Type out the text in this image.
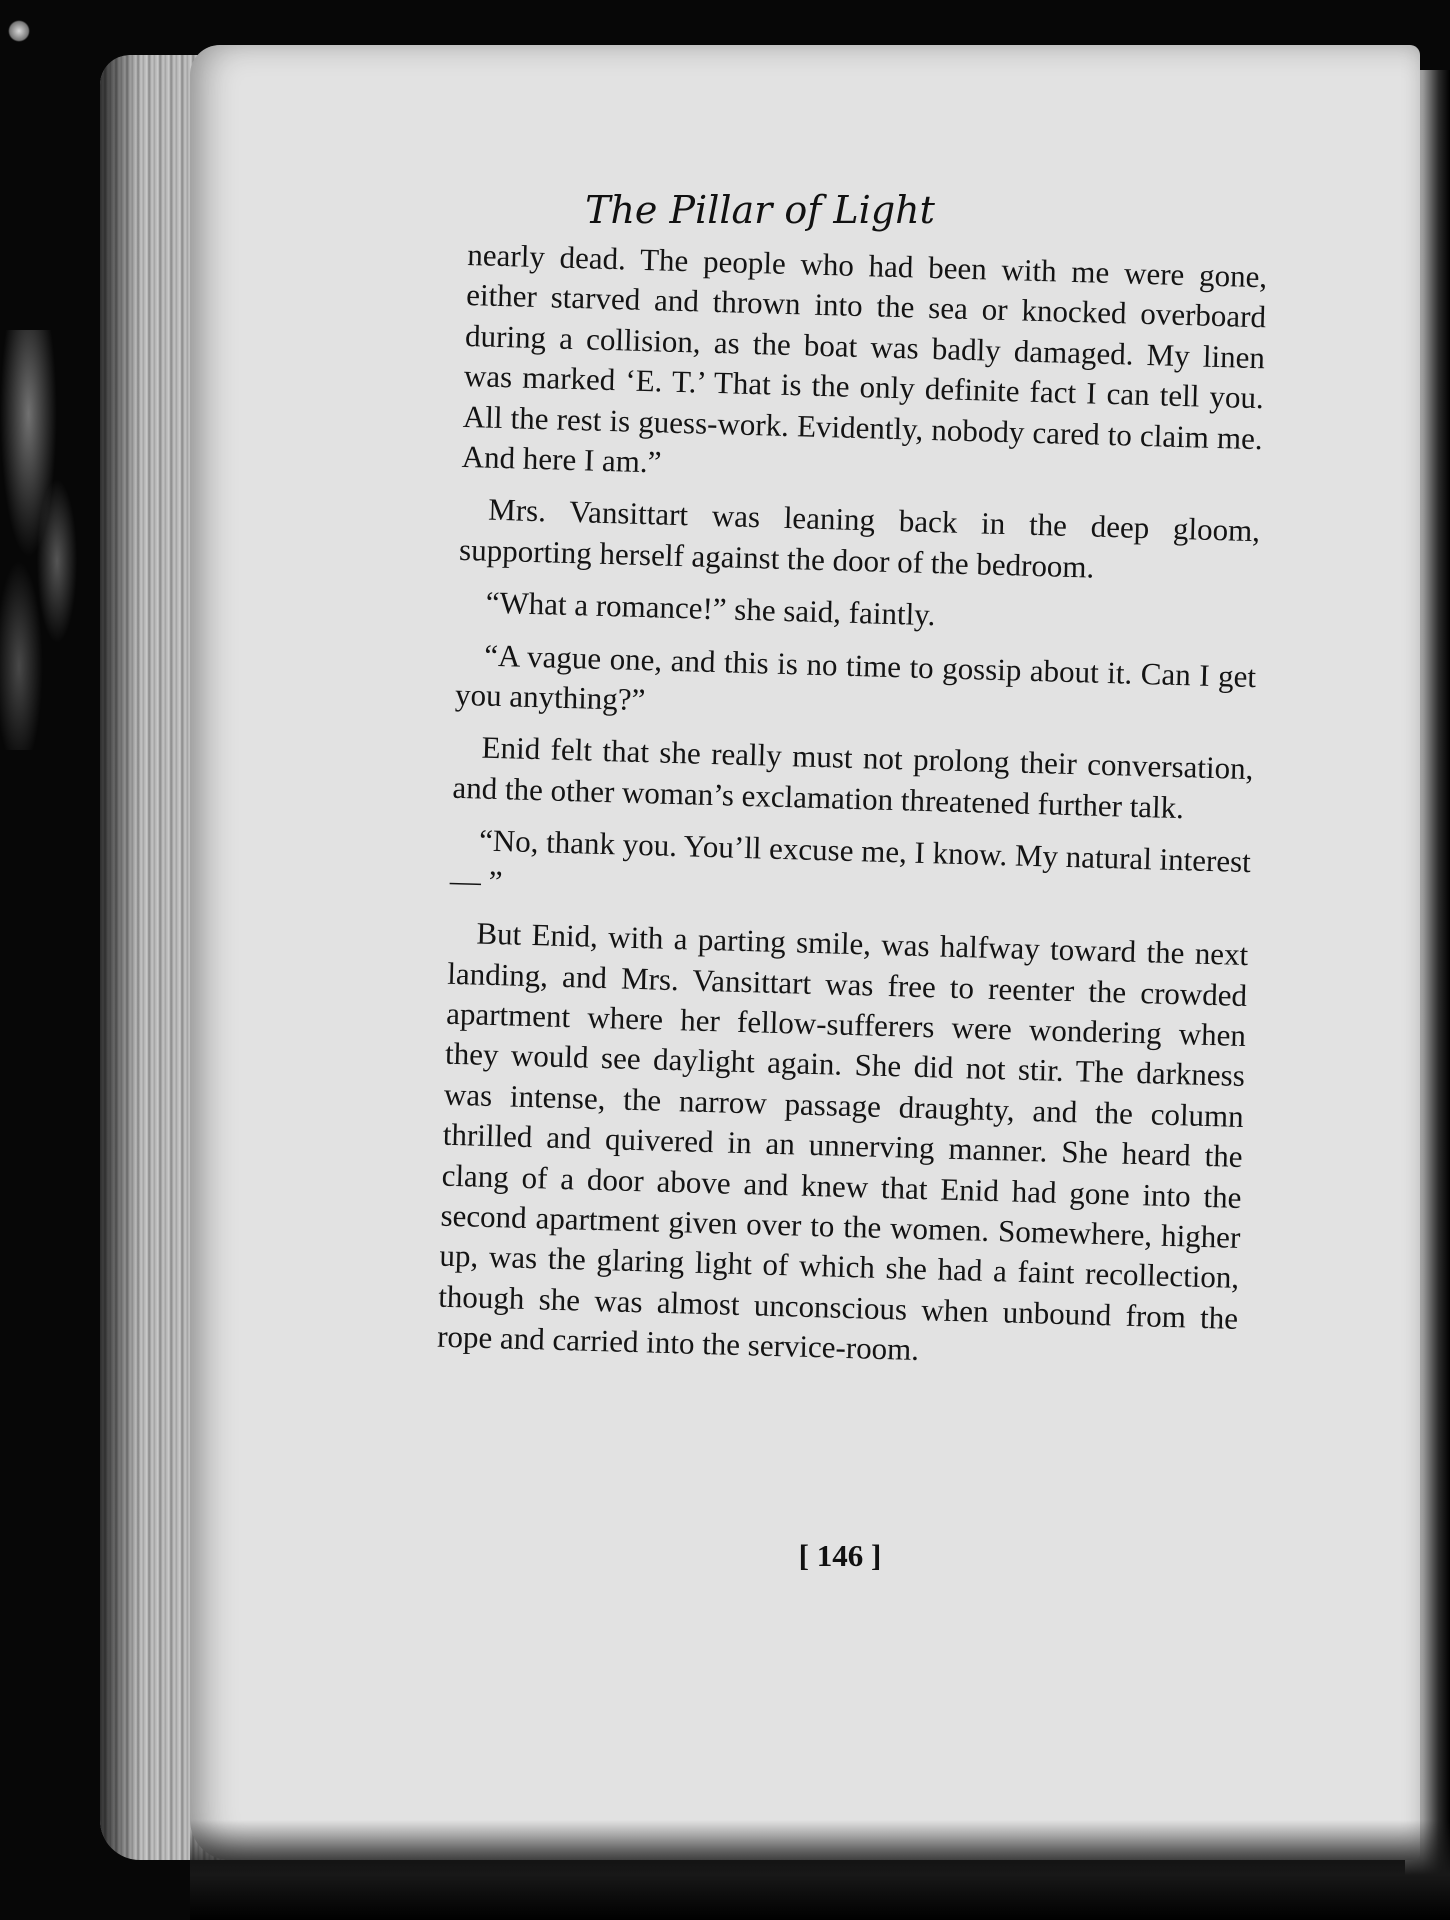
The Pillar of Light

nearly dead. The people who had been with me were gone, either starved and thrown into the sea or knocked overboard during a collision, as the boat was badly damaged. My linen was marked ‘E. T.’ That is the only definite fact I can tell you. All the rest is guess-work. Evidently, nobody cared to claim me. And here I am.”

Mrs. Vansittart was leaning back in the deep gloom, supporting herself against the door of the bedroom.

“What a romance!” she said, faintly.

“A vague one, and this is no time to gossip about it. Can I get you anything?”

Enid felt that she really must not prolong their conversation, and the other woman’s exclamation threatened further talk.

“No, thank you. You’ll excuse me, I know. My natural interest — ”

But Enid, with a parting smile, was halfway toward the next landing, and Mrs. Vansittart was free to reenter the crowded apartment where her fellow-sufferers were wondering when they would see daylight again. She did not stir. The darkness was intense, the narrow passage draughty, and the column thrilled and quivered in an unnerving manner. She heard the clang of a door above and knew that Enid had gone into the second apartment given over to the women. Somewhere, higher up, was the glaring light of which she had a faint recollection, though she was almost unconscious when unbound from the rope and carried into the service-room.

[ 146 ]
